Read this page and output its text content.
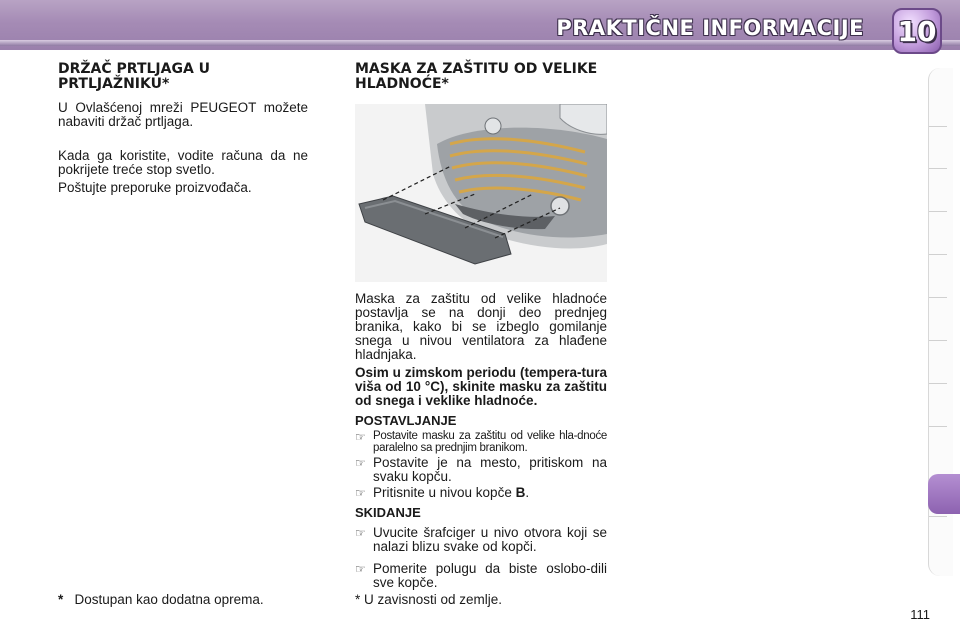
PRAKTIČNE INFORMACIJE 10
DRŽAČ PRTLJAGA U PRTLJAŽNIKU*

U Ovlašćenoj mreži PEUGEOT možete nabaviti držač prtljaga.

Kada ga koristite, vodite računa da ne pokrijete treće stop svetlo.

Poštujte preporuke proizvođača.

MASKA ZA ZAŠTITU OD VELIKE HLADNOĆE*

Maska za zaštitu od velike hladnoće postavlja se na donji deo prednjeg branika, kako bi se izbeglo gomilanje snega u nivou ventilatora za hlađene hladnjaka.

Osim u zimskom periodu (tempera-tura viša od 10 °C), skinite masku za zaštitu od snega i veklike hladnoće.

POSTAVLJANJE
☞ Postavite masku za zaštitu od velike hla-dnoće paralelno sa prednjim branikom.
☞ Postavite je na mesto, pritiskom na svaku kopču.
☞ Pritisnite u nivou kopče B.
SKIDANJE
☞ Uvucite šrafciger u nivo otvora koji se nalazi blizu svake od kopči.
☞ Pomerite polugu da biste oslobo-dili sve kopče.
* Dostupan kao dodatna oprema.	* U zavisnosti od zemlje.
111
